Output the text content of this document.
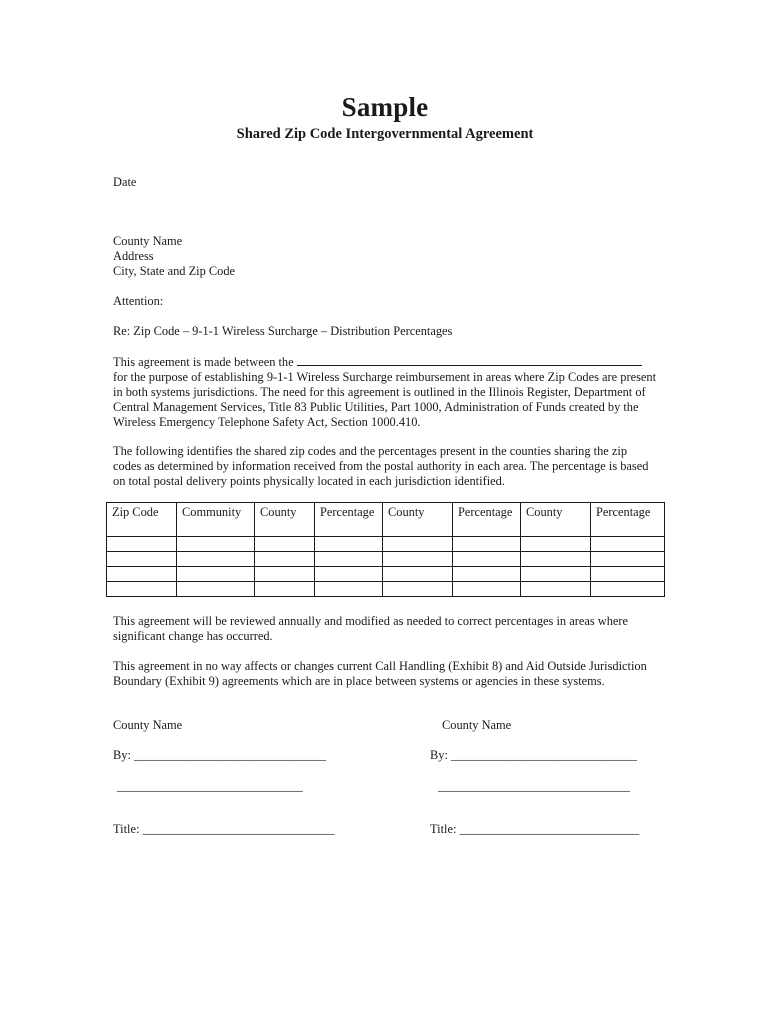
Sample
Shared Zip Code Intergovernmental Agreement
Date
County Name
Address
City, State and Zip Code
Attention:
Re: Zip Code – 9-1-1 Wireless Surcharge – Distribution Percentages
This agreement is made between the  for the purpose of establishing 9-1-1 Wireless Surcharge reimbursement in areas where Zip Codes are present in both systems jurisdictions. The need for this agreement is outlined in the Illinois Register, Department of Central Management Services, Title 83 Public Utilities, Part 1000, Administration of Funds created by the Wireless Emergency Telephone Safety Act, Section 1000.410.
The following identifies the shared zip codes and the percentages present in the counties sharing the zip codes as determined by information received from the postal authority in each area. The percentage is based on total postal delivery points physically located in each jurisdiction identified.
Zip Code	Community	County	Percentage	County	Percentage	County	Percentage

This agreement will be reviewed annually and modified as needed to correct percentages in areas where significant change has occurred.
This agreement in no way affects or changes current Call Handling (Exhibit 8) and Aid Outside Jurisdiction Boundary (Exhibit 9) agreements which are in place between systems or agencies in these systems.
County Name	County Name
By: _______________________________	By: ______________________________
______________________________	_______________________________
Title: _______________________________	Title: _____________________________
